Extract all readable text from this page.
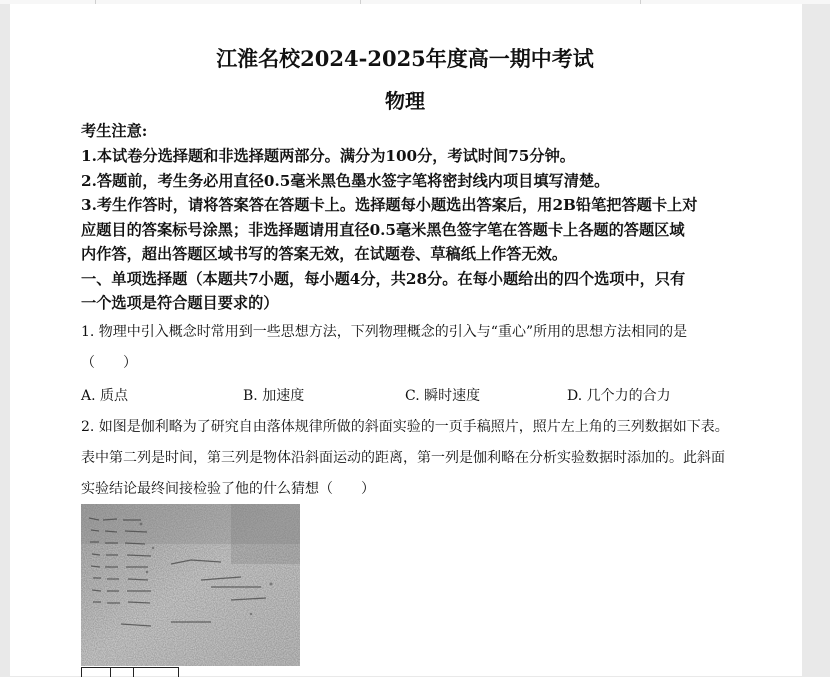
江淮名校2024-2025年度高一期中考试
物理
考生注意:
1.本试卷分选择题和非选择题两部分。满分为100分，考试时间75分钟。
2.答题前，考生务必用直径0.5毫米黑色墨水签字笔将密封线内项目填写清楚。
3.考生作答时，请将答案答在答题卡上。选择题每小题选出答案后，用2B铅笔把答题卡上对
应题目的答案标号涂黑；非选择题请用直径0.5毫米黑色签字笔在答题卡上各题的答题区域
内作答，超出答题区域书写的答案无效，在试题卷、草稿纸上作答无效。
一、单项选择题（本题共7小题，每小题4分，共28分。在每小题给出的四个选项中，只有
一个选项是符合题目要求的）
1. 物理中引入概念时常用到一些思想方法，下列物理概念的引入与“重心”所用的思想方法相同的是
（　　）
A. 质点	B. 加速度	C. 瞬时速度	D. 几个力的合力
2. 如图是伽利略为了研究自由落体规律所做的斜面实验的一页手稿照片，照片左上角的三列数据如下表。
表中第二列是时间，第三列是物体沿斜面运动的距离，第一列是伽利略在分析实验数据时添加的。此斜面
实验结论最终间接检验了他的什么猜想（　　）
